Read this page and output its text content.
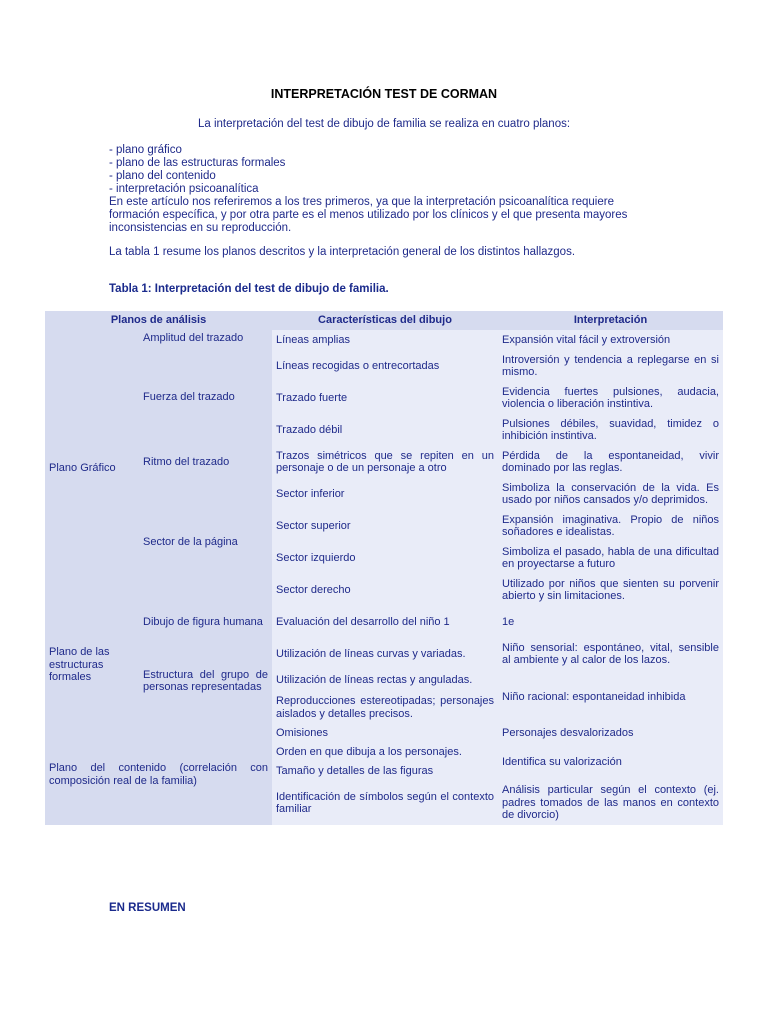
INTERPRETACIÓN TEST DE CORMAN
La interpretación del test de dibujo de familia se realiza en cuatro planos:
- plano gráfico
- plano de las estructuras formales
- plano del contenido
- interpretación psicoanalítica
En este artículo nos referiremos a los tres primeros, ya que la interpretación psicoanalítica requiere formación específica, y por otra parte es el menos utilizado por los clínicos y el que presenta mayores inconsistencias en su reproducción.
La tabla 1 resume los planos descritos y la interpretación general de los distintos hallazgos.
Tabla 1: Interpretación del test de dibujo de familia.
Planos de análisis		Características del dibujo	Interpretación
Plano Gráfico	Amplitud del trazado	Líneas amplias	Expansión vital fácil y extroversión
		Líneas recogidas o entrecortadas	Introversión y tendencia a replegarse en si mismo.
	Fuerza del trazado	Trazado fuerte	Evidencia fuertes pulsiones, audacia, violencia o liberación instintiva.
		Trazado débil	Pulsiones débiles, suavidad, timidez o inhibición instintiva.
	Ritmo del trazado	Trazos simétricos que se repiten en un personaje o de un personaje a otro	Pérdida de la espontaneidad, vivir dominado por las reglas.
	Sector de la página	Sector inferior	Simboliza la conservación de la vida. Es usado por niños cansados y/o deprimidos.
		Sector superior	Expansión imaginativa. Propio de niños soñadores e idealistas.
		Sector izquierdo	Simboliza el pasado, habla de una dificultad en proyectarse a futuro
		Sector derecho	Utilizado por niños que sienten su porvenir abierto y sin limitaciones.
Plano de las estructuras formales	Dibujo de figura humana	Evaluación del desarrollo del niño 1	1e
	Estructura del grupo de personas representadas	Utilización de líneas curvas y variadas.	Niño sensorial: espontáneo, vital, sensible al ambiente y al calor de los lazos.
		Utilización de líneas rectas y anguladas.	Niño racional: espontaneidad inhibida
		Reproducciones estereotipadas; personajes aislados y detalles precisos.	
Plano del contenido (correlación con composición real de la familia)		Omisiones	Personajes desvalorizados
		Orden en que dibuja a los personajes.	Identifica su valorización
		Tamaño y detalles de las figuras	
		Identificación de símbolos según el contexto familiar	Análisis particular según el contexto (ej. padres tomados de las manos en contexto de divorcio)
EN RESUMEN
